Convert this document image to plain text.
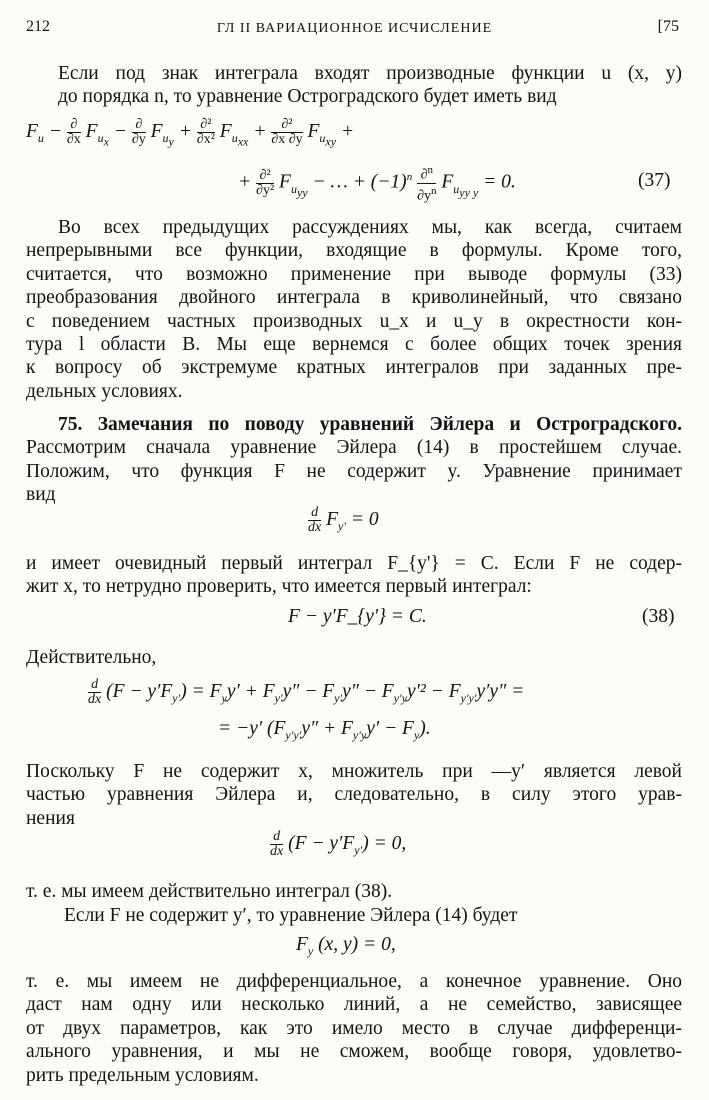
212	ГЛ II ВАРИАЦИОННОЕ ИСЧИСЛЕНИЕ	[75
Если под знак интеграла входят производные функции u (x, y)
до порядка n, то уравнение Остроградского будет иметь вид
$F_u - \frac{\partial}{\partial x} F_{u_x} - \frac{\partial}{\partial y} F_{u_y} + \frac{\text{∂²}}{\text{∂x²}} F_{u_{xx}} + \frac{\text{∂²}}{\partial x \partial y} F_{u_{xy}}$ +
+ $\frac{\text{∂²}}{\text{∂y²}} F_{u_{yy}}$ − … + $(-1)^n \frac{\partial^n}{\partial y^n} F_{u_{yy} _y} = 0$.	(37)
Во всех предыдущих рассуждениях мы, как всегда, считаем
непрерывными все функции, входящие в формулы. Кроме того,
считается, что возможно применение при выводе формулы (33)
преобразования двойного интеграла в криволинейный, что связано
с поведением частных производных u_x и u_y в окрестности кон-
тура l области B. Мы еще вернемся с более общих точек зрения
к вопросу об экстремуме кратных интегралов при заданных пре-
дельных условиях.
75. Замечания по поводу уравнений Эйлера и Остроградского.
Рассмотрим сначала уравнение Эйлера (14) в простейшем случае.
Положим, что функция F не содержит y. Уравнение принимает
вид
$\frac{d}{dx} F_{y'} = 0$
и имеет очевидный первый интеграл F_{y'} = C. Если F не содер-
жит x, то нетрудно проверить, что имеется первый интеграл:
F − y′F_{y′} = C.	(38)
Действительно,
$\frac{d}{dx} (F - y'F_{y'}) = F_yy' + F_{y'}y'' - F_{y'}y'' - F_{y'y}y'^2 - F_{y'y'}y'y''$ =
= −y′ $(F_{y'y'}y'' + F_{y'y}y' - F_y)$.
Поскольку F не содержит x, множитель при —y′ является левой
частью уравнения Эйлера и, следовательно, в силу этого урав-
нения
$\frac{d}{dx} (F - y'F_{y'}) = 0$,
т. е. мы имеем действительно интеграл (38).
Если F не содержит y′, то уравнение Эйлера (14) будет
$F_y$ (x, y) = 0,
т. е. мы имеем не дифференциальное, а конечное уравнение. Оно
даст нам одну или несколько линий, а не семейство, зависящее
от двух параметров, как это имело место в случае дифференци-
ального уравнения, и мы не сможем, вообще говоря, удовлетво-
рить предельным условиям.
